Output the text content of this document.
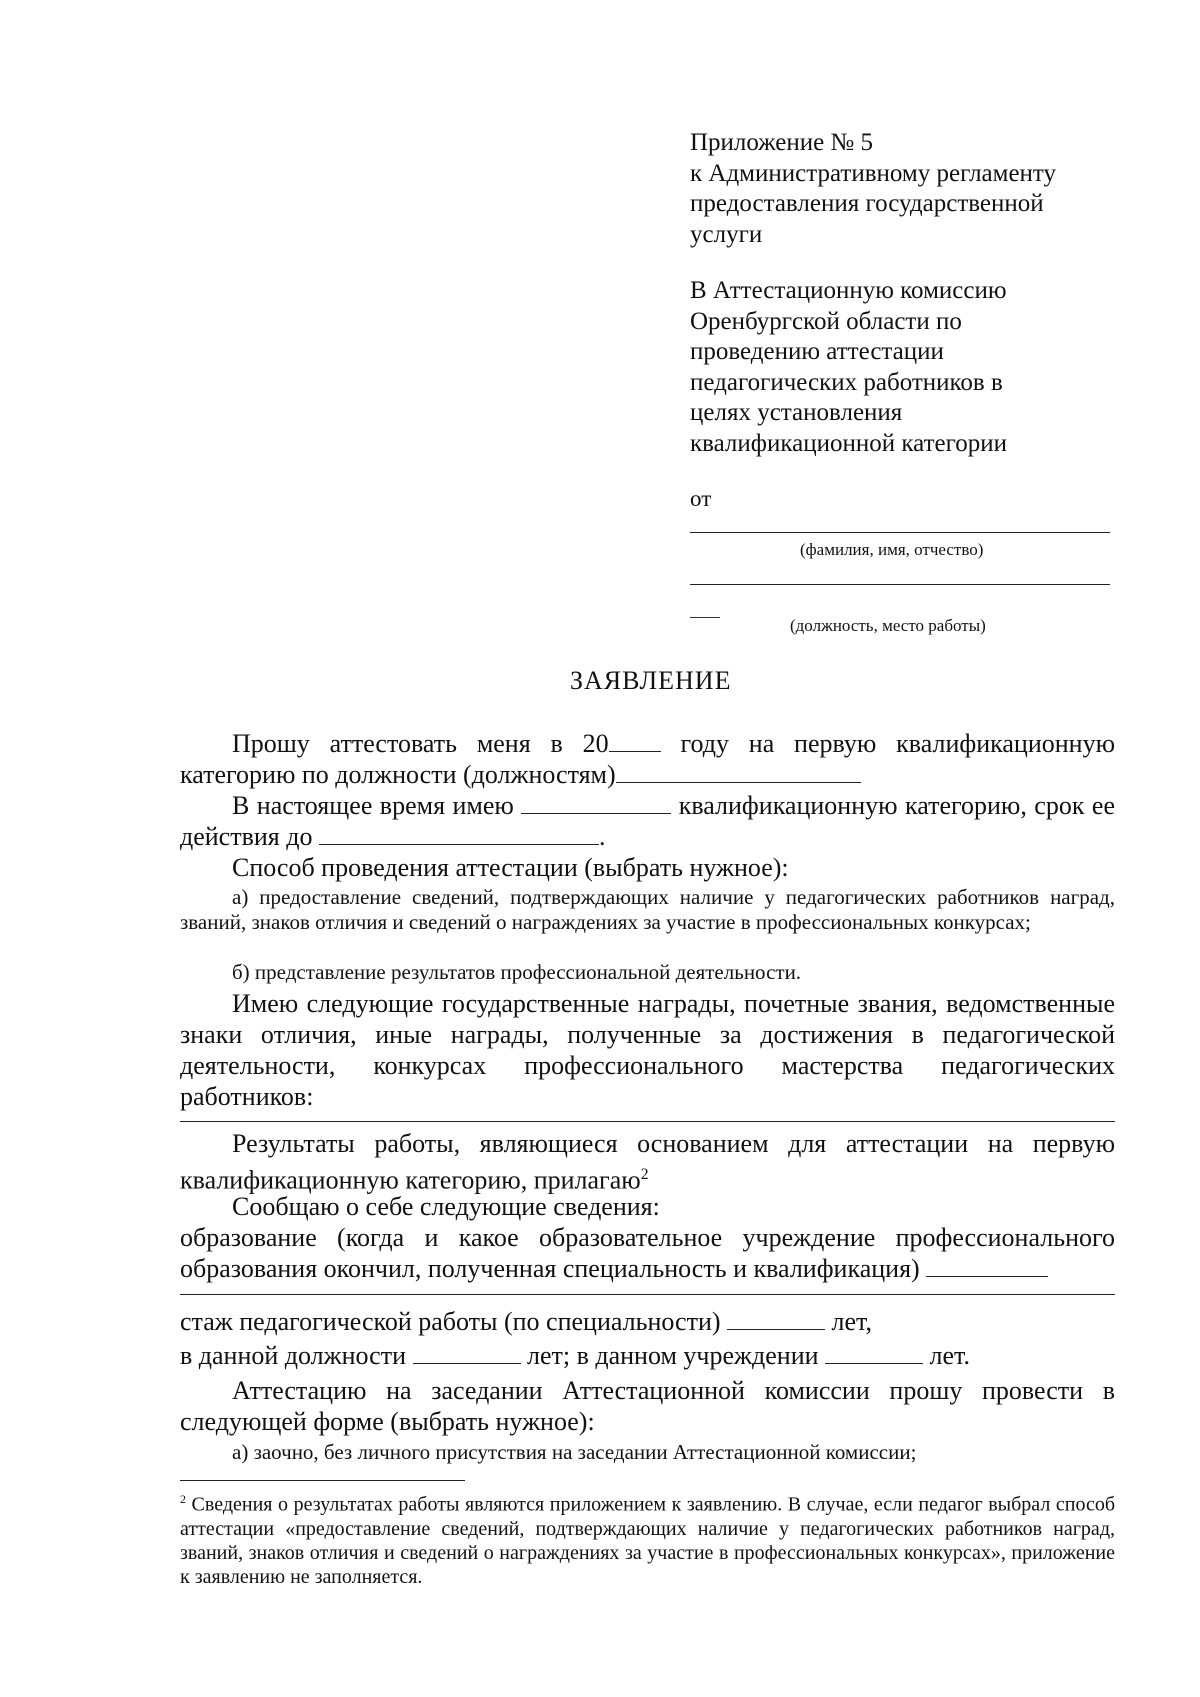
Приложение № 5
к Административному регламенту
предоставления государственной
услуги
В Аттестационную комиссию
Оренбургской области по
проведению аттестации
педагогических работников в
целях установления
квалификационной категории
от
(фамилия, имя, отчество)
(должность, место работы)
ЗАЯВЛЕНИЕ
Прошу аттестовать меня в 20 году на первую квалификационную категорию по должности (должностям)
В настоящее время имею	квалификационную категорию, срок ее действия до	.
Способ проведения аттестации (выбрать нужное):
а) предоставление сведений, подтверждающих наличие у педагогических работников наград, званий, знаков отличия и сведений о награждениях за участие в профессиональных конкурсах;
б) представление результатов профессиональной деятельности.
Имею следующие государственные награды, почетные звания, ведомственные знаки отличия, иные награды, полученные за достижения в педагогической деятельности, конкурсах профессионального мастерства педагогических работников:
Результаты работы, являющиеся основанием для аттестации на первую квалификационную категорию, прилагаю$^2$
Сообщаю о себе следующие сведения:
образование (когда и какое образовательное учреждение профессионального образования окончил, полученная специальность и квалификация)
стаж педагогической работы (по специальности)	лет,
в данной должности	лет; в данном учреждении	лет.
Аттестацию на заседании Аттестационной комиссии прошу провести в следующей форме (выбрать нужное):
а) заочно, без личного присутствия на заседании Аттестационной комиссии;
$^2$ Сведения о результатах работы являются приложением к заявлению. В случае, если педагог выбрал способ аттестации «предоставление сведений, подтверждающих наличие у педагогических работников наград, званий, знаков отличия и сведений о награждениях за участие в профессиональных конкурсах», приложение к заявлению не заполняется.
